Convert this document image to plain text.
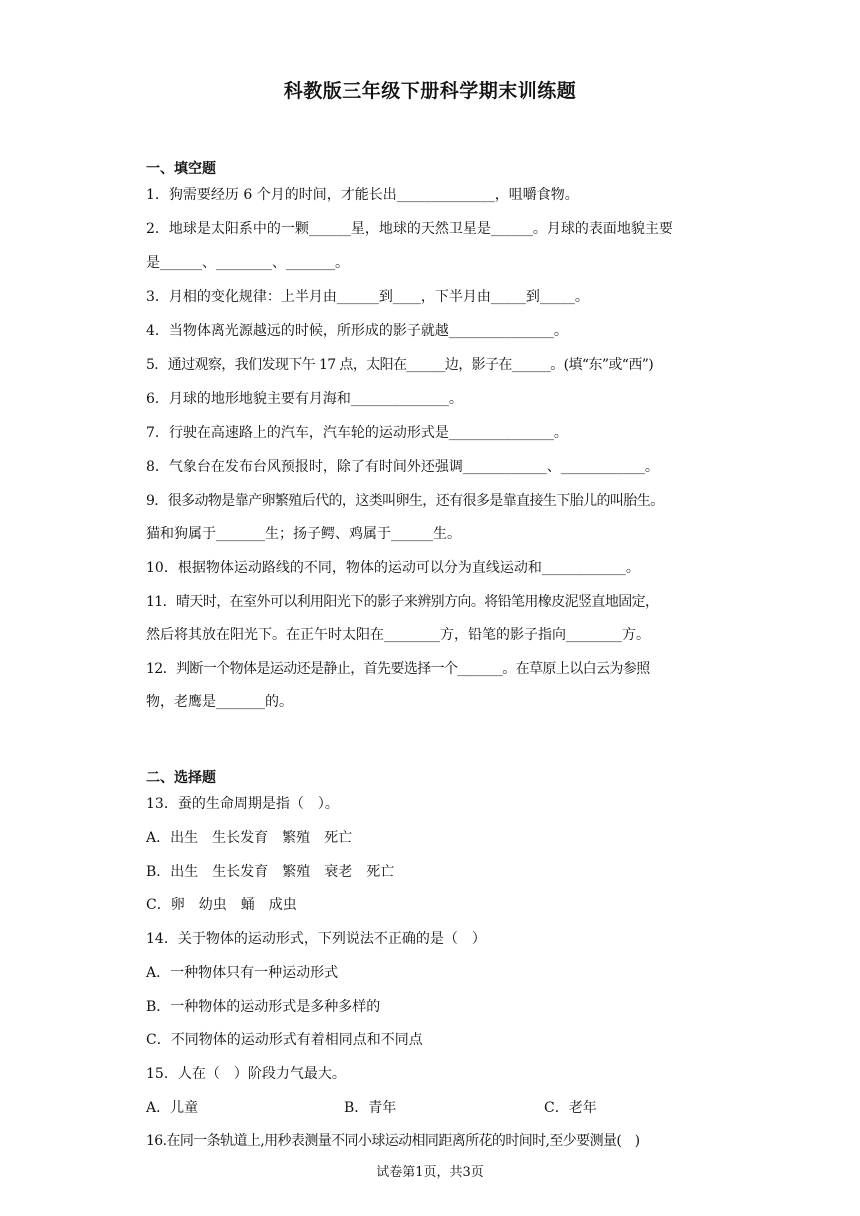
科教版三年级下册科学期末训练题
一、填空题
1．狗需要经历 6 个月的时间，才能长出______________，咀嚼食物。
2．地球是太阳系中的一颗______星，地球的天然卫星是______。月球的表面地貌主要
是______、________、_______。
3．月相的变化规律：上半月由______到____，下半月由_____到_____。
4．当物体离光源越远的时候，所形成的影子就越_______________。
5．通过观察，我们发现下午 17 点，太阳在______边，影子在______。(填“东”或“西”)
6．月球的地形地貌主要有月海和______________。
7．行驶在高速路上的汽车，汽车轮的运动形式是_______________。
8．气象台在发布台风预报时，除了有时间外还强调____________、____________。
9．很多动物是靠产卵繁殖后代的，这类叫卵生，还有很多是靠直接生下胎儿的叫胎生。
猫和狗属于_______生；扬子鳄、鸡属于______生。
10．根据物体运动路线的不同，物体的运动可以分为直线运动和____________。
11．晴天时，在室外可以利用阳光下的影子来辨别方向。将铅笔用橡皮泥竖直地固定，
然后将其放在阳光下。在正午时太阳在________方，铅笔的影子指向________方。
12．判断一个物体是运动还是静止，首先要选择一个_______。在草原上以白云为参照
物，老鹰是_______的。
二、选择题
13．蚕的生命周期是指（　）。
A．出生　生长发育　繁殖　死亡
B．出生　生长发育　繁殖　衰老　死亡
C．卵　幼虫　蛹　成虫
14．关于物体的运动形式，下列说法不正确的是（　）
A．一种物体只有一种运动形式
B．一种物体的运动形式是多种多样的
C．不同物体的运动形式有着相同点和不同点
15．人在（　）阶段力气最大。
A．儿童	B．青年	C．老年
16.在同一条轨道上,用秒表测量不同小球运动相同距离所花的时间时,至少要测量(　)
试卷第1页，共3页
